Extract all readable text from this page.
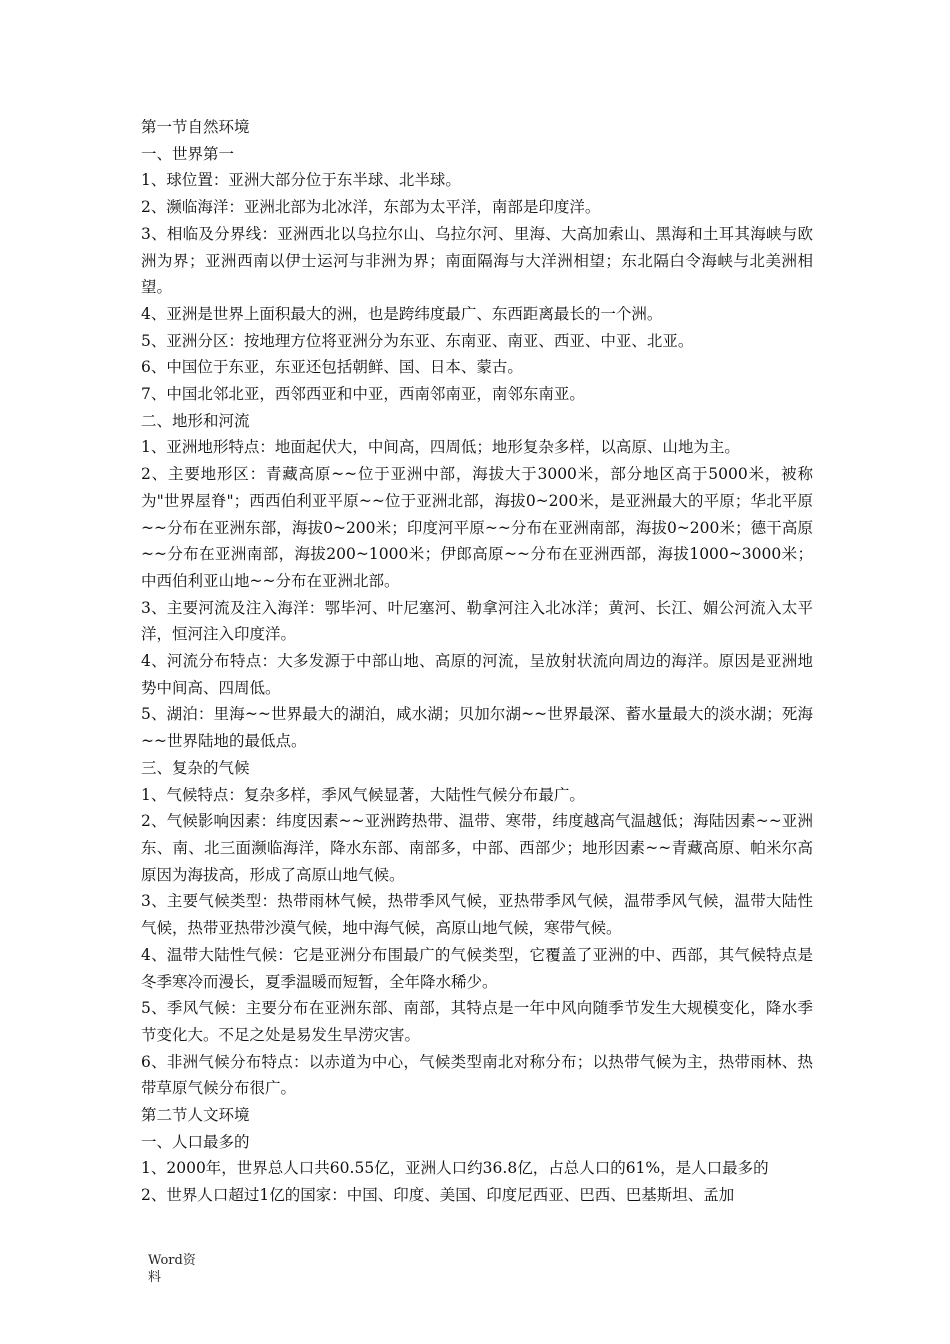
第一节自然环境

一、世界第一

1、球位置：亚洲大部分位于东半球、北半球。

2、濒临海洋：亚洲北部为北冰洋，东部为太平洋，南部是印度洋。

3、相临及分界线：亚洲西北以乌拉尔山、乌拉尔河、里海、大高加索山、黑海和土耳其海峡与欧洲为界；亚洲西南以伊士运河与非洲为界；南面隔海与大洋洲相望；东北隔白令海峡与北美洲相望。

4、亚洲是世界上面积最大的洲，也是跨纬度最广、东西距离最长的一个洲。

5、亚洲分区：按地理方位将亚洲分为东亚、东南亚、南亚、西亚、中亚、北亚。

6、中国位于东亚，东亚还包括朝鲜、国、日本、蒙古。

7、中国北邻北亚，西邻西亚和中亚，西南邻南亚，南邻东南亚。

二、地形和河流

1、亚洲地形特点：地面起伏大，中间高，四周低；地形复杂多样，以高原、山地为主。

2、主要地形区：青藏高原~~位于亚洲中部，海拔大于3000米，部分地区高于5000米，被称为"世界屋脊"；西西伯利亚平原~~位于亚洲北部，海拔0~200米，是亚洲最大的平原；华北平原~~分布在亚洲东部，海拔0~200米；印度河平原~~分布在亚洲南部，海拔0~200米；德干高原~~分布在亚洲南部，海拔200~1000米；伊郎高原~~分布在亚洲西部，海拔1000~3000米；中西伯利亚山地~~分布在亚洲北部。

3、主要河流及注入海洋：鄂毕河、叶尼塞河、勒拿河注入北冰洋；黄河、长江、媚公河流入太平洋，恒河注入印度洋。

4、河流分布特点：大多发源于中部山地、高原的河流，呈放射状流向周边的海洋。原因是亚洲地势中间高、四周低。

5、湖泊：里海~~世界最大的湖泊，咸水湖；贝加尔湖~~世界最深、蓄水量最大的淡水湖；死海~~世界陆地的最低点。

三、复杂的气候

1、气候特点：复杂多样，季风气候显著，大陆性气候分布最广。

2、气候影响因素：纬度因素~~亚洲跨热带、温带、寒带，纬度越高气温越低；海陆因素~~亚洲东、南、北三面濒临海洋，降水东部、南部多，中部、西部少；地形因素~~青藏高原、帕米尔高原因为海拔高，形成了高原山地气候。

3、主要气候类型：热带雨林气候，热带季风气候，亚热带季风气候，温带季风气候，温带大陆性气候，热带亚热带沙漠气候，地中海气候，高原山地气候，寒带气候。

4、温带大陆性气候：它是亚洲分布围最广的气候类型，它覆盖了亚洲的中、西部，其气候特点是冬季寒冷而漫长，夏季温暖而短暂，全年降水稀少。

5、季风气候：主要分布在亚洲东部、南部，其特点是一年中风向随季节发生大规模变化，降水季节变化大。不足之处是易发生旱涝灾害。

6、非洲气候分布特点：以赤道为中心，气候类型南北对称分布；以热带气候为主，热带雨林、热带草原气候分布很广。

第二节人文环境

一、人口最多的

1、2000年，世界总人口共60.55亿，亚洲人口约36.8亿，占总人口的61%，是人口最多的

2、世界人口超过1亿的国家：中国、印度、美国、印度尼西亚、巴西、巴基斯坦、孟加

Word资料
